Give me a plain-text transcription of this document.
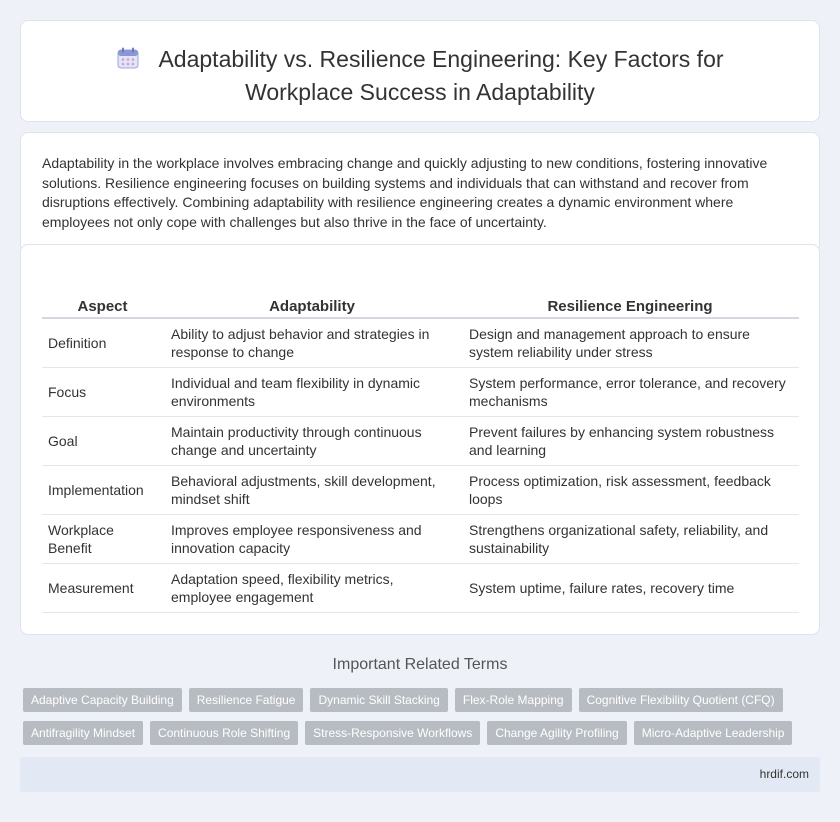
Adaptability vs. Resilience Engineering: Key Factors for Workplace Success in Adaptability

Adaptability in the workplace involves embracing change and quickly adjusting to new conditions, fostering innovative solutions. Resilience engineering focuses on building systems and individuals that can withstand and recover from disruptions effectively. Combining adaptability with resilience engineering creates a dynamic environment where employees not only cope with challenges but also thrive in the face of uncertainty.

Aspect	Adaptability	Resilience Engineering
Definition	Ability to adjust behavior and strategies in response to change	Design and management approach to ensure system reliability under stress
Focus	Individual and team flexibility in dynamic environments	System performance, error tolerance, and recovery mechanisms
Goal	Maintain productivity through continuous change and uncertainty	Prevent failures by enhancing system robustness and learning
Implementation	Behavioral adjustments, skill development, mindset shift	Process optimization, risk assessment, feedback loops
Workplace Benefit	Improves employee responsiveness and innovation capacity	Strengthens organizational safety, reliability, and sustainability
Measurement	Adaptation speed, flexibility metrics, employee engagement	System uptime, failure rates, recovery time
Important Related Terms
Adaptive Capacity Building	Resilience Fatigue	Dynamic Skill Stacking	Flex-Role Mapping	Cognitive Flexibility Quotient (CFQ)
Antifragility Mindset	Continuous Role Shifting	Stress-Responsive Workflows	Change Agility Profiling	Micro-Adaptive Leadership
hrdif.com
